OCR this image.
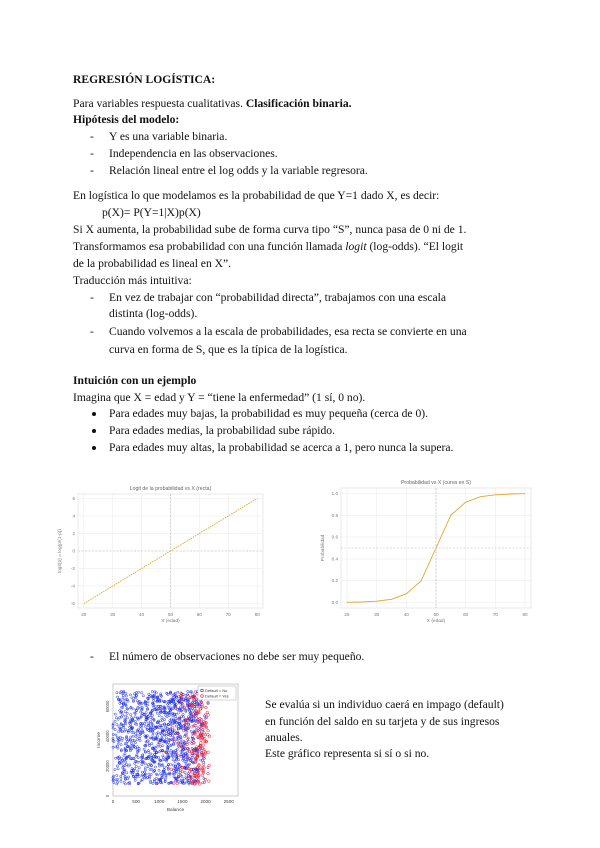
REGRESIÓN LOGÍSTICA:
Para variables respuesta cualitativas. Clasificación binaria.
Hipótesis del modelo:
- Y es una variable binaria.
- Independencia en las observaciones.
- Relación lineal entre el log odds y la variable regresora.
En logística lo que modelamos es la probabilidad de que Y=1 dado X, es decir:
p(X)= P(Y=1|X)p(X)
Si X aumenta, la probabilidad sube de forma curva tipo “S”, nunca pasa de 0 ni de 1.
Transformamos esa probabilidad con una función llamada logit (log-odds). “El logit
de la probabilidad es lineal en X”.
Traducción más intuitiva:
- En vez de trabajar con “probabilidad directa”, trabajamos con una escala
distinta (log-odds).
- Cuando volvemos a la escala de probabilidades, esa recta se convierte en una
curva en forma de S, que es la típica de la logística.
Intuición con un ejemplo
Imagina que X = edad y Y = “tiene la enfermedad” (1 sí, 0 no).
Para edades muy bajas, la probabilidad es muy pequeña (cerca de 0).
Para edades medias, la probabilidad sube rápido.
Para edades muy altas, la probabilidad se acerca a 1, pero nunca la supera.
20	30	40	50	60	70	80
-6
-4
-2
0
2
4
6
Logit de la probabilidad vs X (recta)
X (edad)
logit(p) = log(p/(1-p))
20	30	40	50	60	70	80
0.0
0.2
0.4
0.6
0.8
1.0
Probabilidad vs X (curva en S)
X (edad)
Probabilidad
- El número de observaciones no debe ser muy pequeño.
0	500	1000	1500	2000	2500
0
20000
40000
60000
Balance
Income
Default = No
Default = Yes
Se evalúa si un individuo caerá en impago (default)
en función del saldo en su tarjeta y de sus ingresos
anuales.
Este gráfico representa si sí o si no.
